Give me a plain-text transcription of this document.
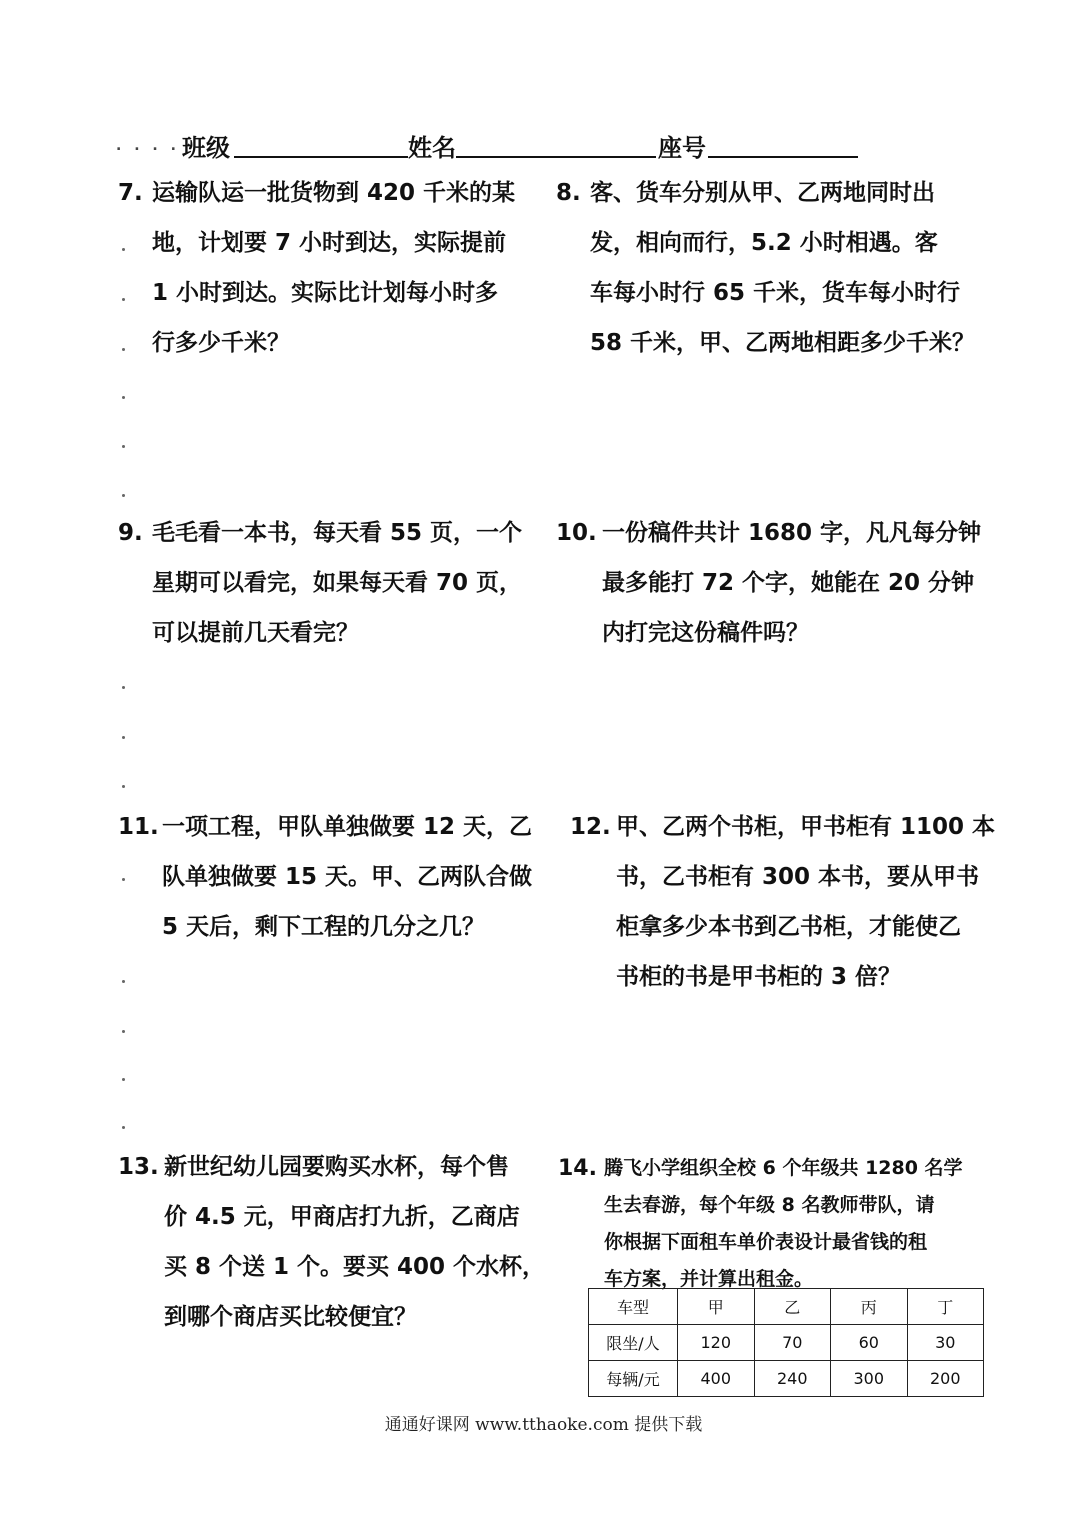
. . . . 班级	姓名	座号
7. 运输队运一批货物到 420 千米的某
地，计划要 7 小时到达，实际提前
1 小时到达。实际比计划每小时多
行多少千米？
8. 客、货车分别从甲、乙两地同时出
发，相向而行，5.2 小时相遇。客
车每小时行 65 千米，货车每小时行
58 千米，甲、乙两地相距多少千米？
9. 毛毛看一本书，每天看 55 页，一个
星期可以看完，如果每天看 70 页，
可以提前几天看完？
10. 一份稿件共计 1680 字，凡凡每分钟
最多能打 72 个字，她能在 20 分钟
内打完这份稿件吗？
11. 一项工程，甲队单独做要 12 天，乙
队单独做要 15 天。甲、乙两队合做
5 天后，剩下工程的几分之几？
12. 甲、乙两个书柜，甲书柜有 1100 本
书，乙书柜有 300 本书，要从甲书
柜拿多少本书到乙书柜，才能使乙
书柜的书是甲书柜的 3 倍？
13. 新世纪幼儿园要购买水杯，每个售
价 4.5 元，甲商店打九折，乙商店
买 8 个送 1 个。要买 400 个水杯，
到哪个商店买比较便宜？
14. 腾飞小学组织全校 6 个年级共 1280 名学
生去春游，每个年级 8 名教师带队，请
你根据下面租车单价表设计最省钱的租
车方案，并计算出租金。
车型	甲	乙	丙	丁
限坐/人	120	70	60	30
每辆/元	400	240	300	200
通通好课网 www.tthaoke.com 提供下载
